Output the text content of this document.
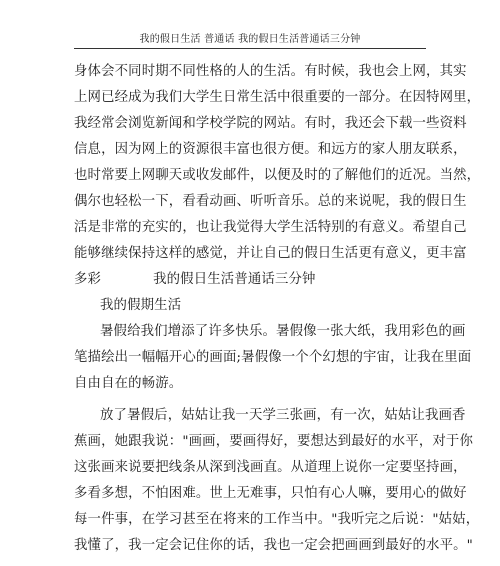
我的假日生活 普通话 我的假日生活普通话三分钟
身体会不同时期不同性格的人的生活。有时候，我也会上网，其实
上网已经成为我们大学生日常生活中很重要的一部分。在因特网里，
我经常会浏览新闻和学校学院的网站。有时，我还会下载一些资料
信息，因为网上的资源很丰富也很方便。和远方的家人朋友联系，
也时常要上网聊天或收发邮件，以便及时的了解他们的近况。当然，
偶尔也轻松一下，看看动画、听听音乐。总的来说呢，我的假日生
活是非常的充实的，也让我觉得大学生活特别的有意义。希望自己
能够继续保持这样的感觉，并让自己的假日生活更有意义，更丰富
多彩	我的假日生活普通话三分钟
我的假期生活
暑假给我们增添了许多快乐。暑假像一张大纸，我用彩色的画
笔描绘出一幅幅开心的画面;暑假像一个个幻想的宇宙，让我在里面
自由自在的畅游。
放了暑假后，姑姑让我一天学三张画，有一次，姑姑让我画香
蕉画，她跟我说："画画，要画得好，要想达到最好的水平，对于你
这张画来说要把线条从深到浅画直。从道理上说你一定要坚持画，
多看多想，不怕困难。世上无难事，只怕有心人嘛，要用心的做好
每一件事，在学习甚至在将来的工作当中。"我听完之后说："姑姑，
我懂了，我一定会记住你的话，我也一定会把画画到最好的水平。"
